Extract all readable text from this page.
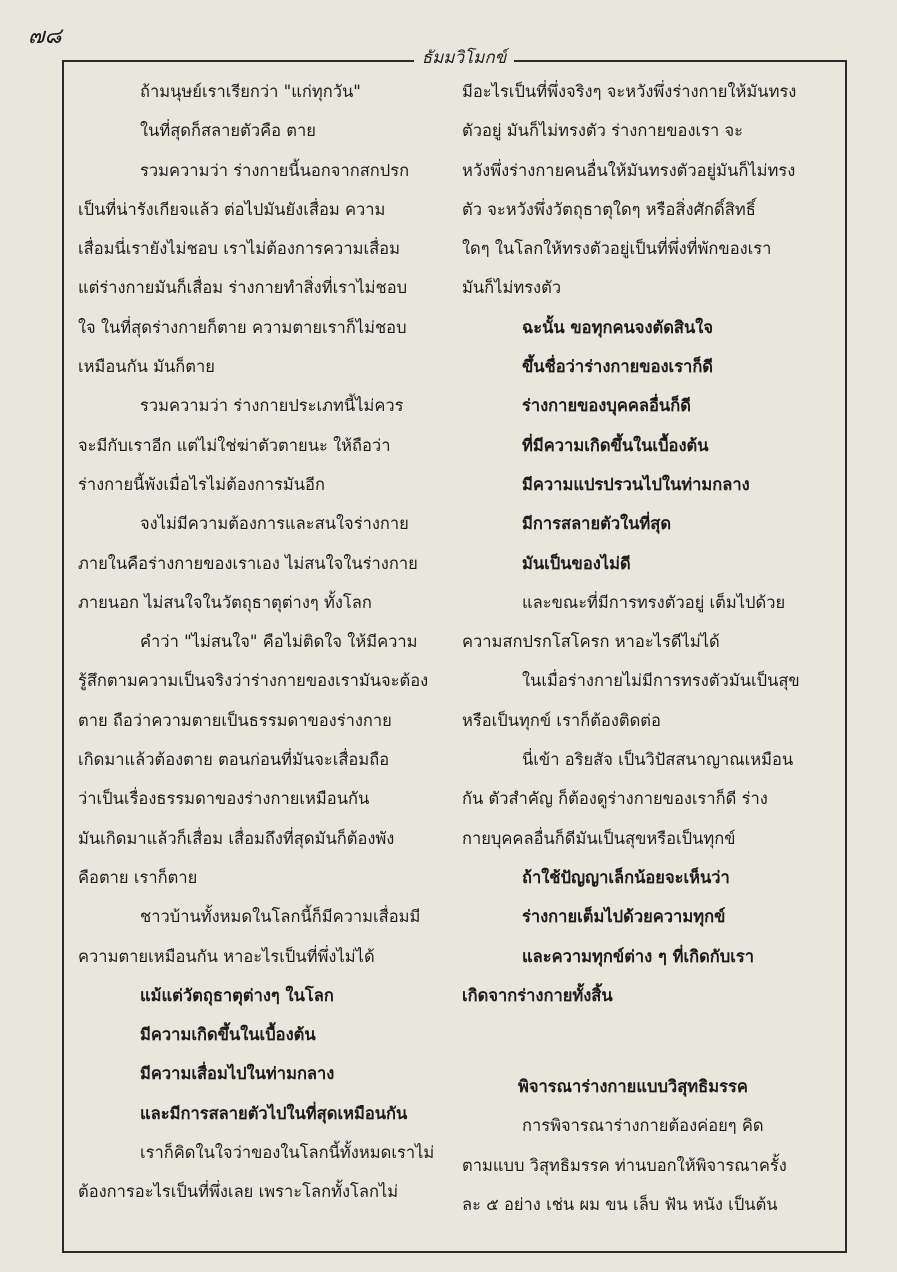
๗๘
ธัมมวิโมกข์
ถ้ามนุษย์เราเรียกว่า "แก่ทุกวัน"
ในที่สุดก็สลายตัวคือ ตาย
รวมความว่า ร่างกายนี้นอกจากสกปรก
เป็นที่น่ารังเกียจแล้ว ต่อไปมันยังเสื่อม ความ
เสื่อมนี่เรายังไม่ชอบ เราไม่ต้องการความเสื่อม
แต่ร่างกายมันก็เสื่อม ร่างกายทำสิ่งที่เราไม่ชอบ
ใจ ในที่สุดร่างกายก็ตาย ความตายเราก็ไม่ชอบ
เหมือนกัน มันก็ตาย
รวมความว่า ร่างกายประเภทนี้ไม่ควร
จะมีกับเราอีก แต่ไม่ใช่ฆ่าตัวตายนะ ให้ถือว่า
ร่างกายนี้พังเมื่อไรไม่ต้องการมันอีก
จงไม่มีความต้องการและสนใจร่างกาย
ภายในคือร่างกายของเราเอง ไม่สนใจในร่างกาย
ภายนอก ไม่สนใจในวัตถุธาตุต่างๆ ทั้งโลก
คำว่า "ไม่สนใจ" คือไม่ติดใจ ให้มีความ
รู้สึกตามความเป็นจริงว่าร่างกายของเรามันจะต้อง
ตาย ถือว่าความตายเป็นธรรมดาของร่างกาย
เกิดมาแล้วต้องตาย ตอนก่อนที่มันจะเสื่อมถือ
ว่าเป็นเรื่องธรรมดาของร่างกายเหมือนกัน
มันเกิดมาแล้วก็เสื่อม เสื่อมถึงที่สุดมันก็ต้องพัง
คือตาย เราก็ตาย
ชาวบ้านทั้งหมดในโลกนี้ก็มีความเสื่อมมี
ความตายเหมือนกัน หาอะไรเป็นที่พึ่งไม่ได้
แม้แต่วัตถุธาตุต่างๆ ในโลก
มีความเกิดขึ้นในเบื้องต้น
มีความเสื่อมไปในท่ามกลาง
และมีการสลายตัวไปในที่สุดเหมือนกัน
เราก็คิดในใจว่าของในโลกนี้ทั้งหมดเราไม่
ต้องการอะไรเป็นที่พึ่งเลย เพราะโลกทั้งโลกไม่
มีอะไรเป็นที่พึ่งจริงๆ จะหวังพึ่งร่างกายให้มันทรง
ตัวอยู่ มันก็ไม่ทรงตัว ร่างกายของเรา จะ
หวังพึ่งร่างกายคนอื่นให้มันทรงตัวอยู่มันก็ไม่ทรง
ตัว จะหวังพึ่งวัตถุธาตุใดๆ หรือสิ่งศักดิ์สิทธิ์
ใดๆ ในโลกให้ทรงตัวอยู่เป็นที่พึ่งที่พักของเรา
มันก็ไม่ทรงตัว
ฉะนั้น ขอทุกคนจงตัดสินใจ
ขึ้นชื่อว่าร่างกายของเราก็ดี
ร่างกายของบุคคลอื่นก็ดี
ที่มีความเกิดขึ้นในเบื้องต้น
มีความแปรปรวนไปในท่ามกลาง
มีการสลายตัวในที่สุด
มันเป็นของไม่ดี
และขณะที่มีการทรงตัวอยู่ เต็มไปด้วย
ความสกปรกโสโครก หาอะไรดีไม่ได้
ในเมื่อร่างกายไม่มีการทรงตัวมันเป็นสุข
หรือเป็นทุกข์ เราก็ต้องติดต่อ
นี่เข้า อริยสัจ เป็นวิปัสสนาญาณเหมือน
กัน ตัวสำคัญ ก็ต้องดูร่างกายของเราก็ดี ร่าง
กายบุคคลอื่นก็ดีมันเป็นสุขหรือเป็นทุกข์
ถ้าใช้ปัญญาเล็กน้อยจะเห็นว่า
ร่างกายเต็มไปด้วยความทุกข์
และความทุกข์ต่าง ๆ ที่เกิดกับเรา
เกิดจากร่างกายทั้งสิ้น
พิจารณาร่างกายแบบวิสุทธิมรรค
การพิจารณาร่างกายต้องค่อยๆ คิด
ตามแบบ วิสุทธิมรรค ท่านบอกให้พิจารณาครั้ง
ละ ๕ อย่าง เช่น ผม ขน เล็บ ฟัน หนัง เป็นต้น
